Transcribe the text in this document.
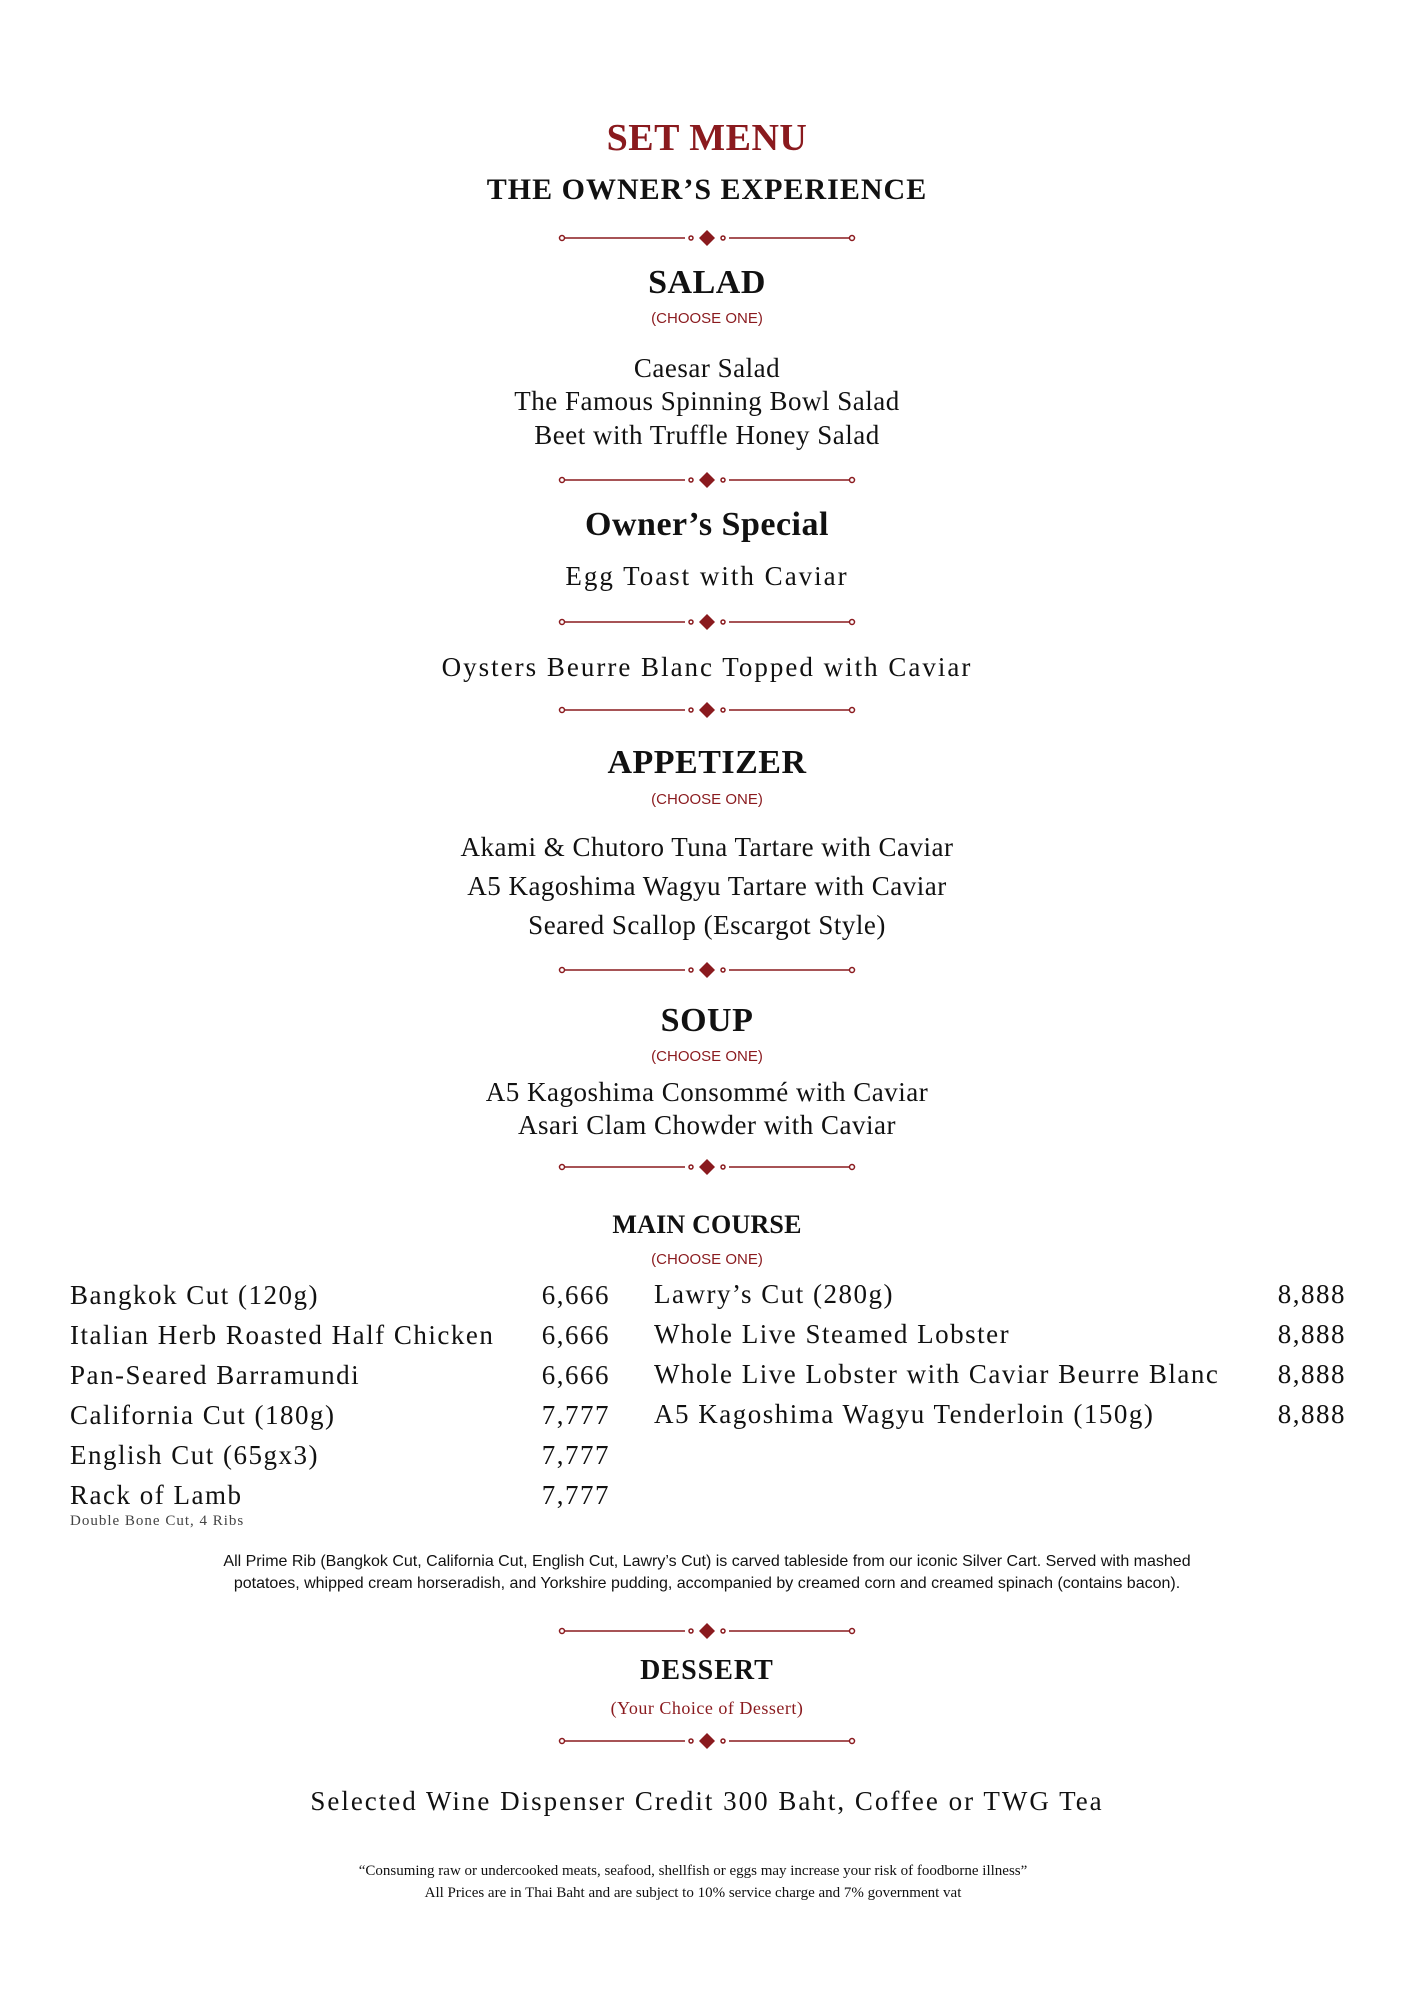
SET MENU
THE OWNER’S EXPERIENCE
SALAD
(CHOOSE ONE)
Caesar Salad
The Famous Spinning Bowl Salad
Beet with Truffle Honey Salad
Owner’s Special
Egg Toast with Caviar
Oysters Beurre Blanc Topped with Caviar
APPETIZER
(CHOOSE ONE)
Akami & Chutoro Tuna Tartare with Caviar
A5 Kagoshima Wagyu Tartare with Caviar
Seared Scallop (Escargot Style)
SOUP
(CHOOSE ONE)
A5 Kagoshima Consommé with Caviar
Asari Clam Chowder with Caviar
MAIN COURSE
(CHOOSE ONE)
Bangkok Cut (120g)	6,666
Italian Herb Roasted Half Chicken 6,666
Pan-Seared Barramundi	6,666
California Cut (180g)	7,777
English Cut (65gx3)	7,777
Rack of Lamb	7,777
Double Bone Cut, 4 Ribs
Lawry’s Cut (280g)	8,888
Whole Live Steamed Lobster	8,888
Whole Live Lobster with Caviar Beurre Blanc 8,888
A5 Kagoshima Wagyu Tenderloin (150g)	8,888
All Prime Rib (Bangkok Cut, California Cut, English Cut, Lawry’s Cut) is carved tableside from our iconic Silver Cart. Served with mashed
potatoes, whipped cream horseradish, and Yorkshire pudding, accompanied by creamed corn and creamed spinach (contains bacon).
DESSERT
(Your Choice of Dessert)
Selected Wine Dispenser Credit 300 Baht, Coffee or TWG Tea
“Consuming raw or undercooked meats, seafood, shellfish or eggs may increase your risk of foodborne illness”
All Prices are in Thai Baht and are subject to 10% service charge and 7% government vat
